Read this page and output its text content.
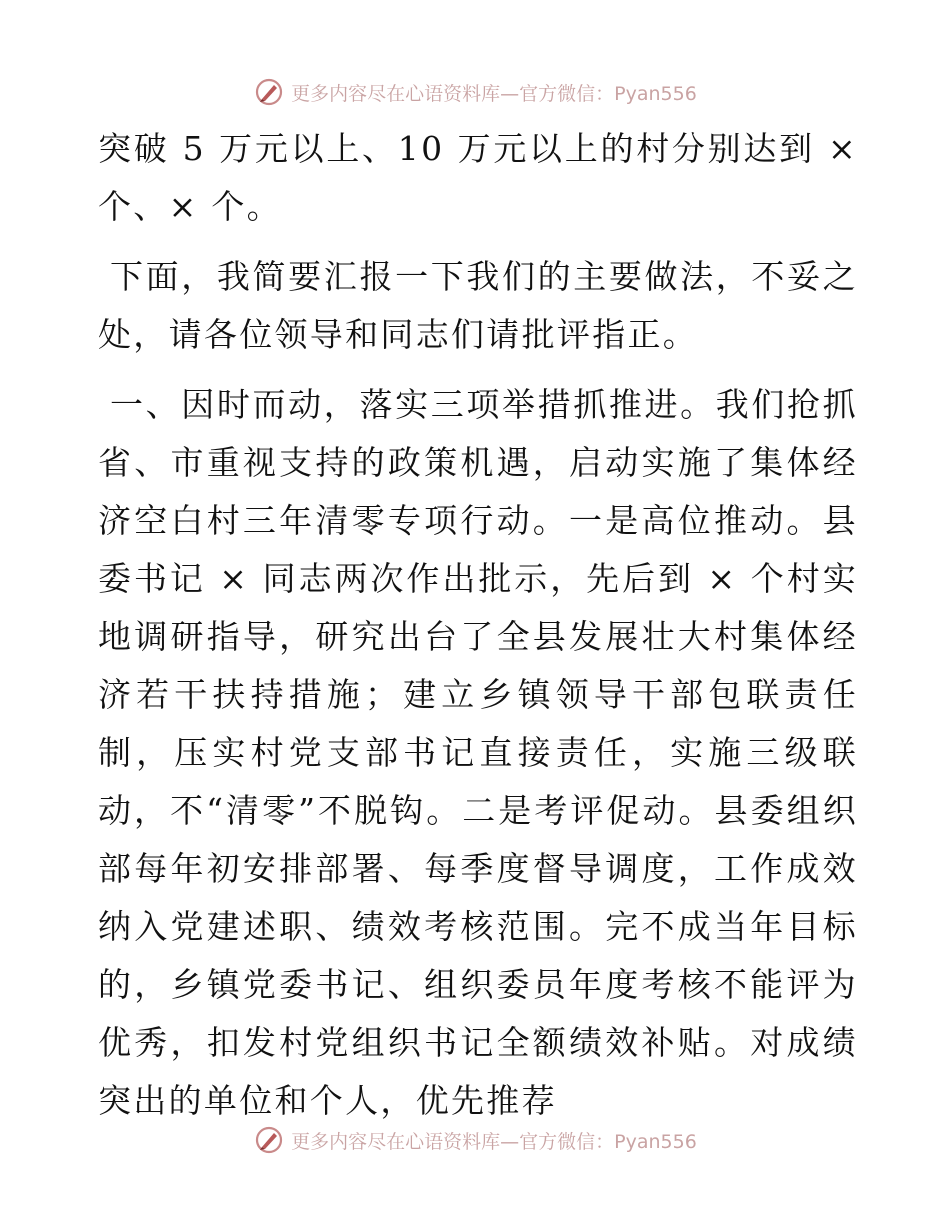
更多内容尽在心语资料库—官方微信：Pyan556

突破 5 万元以上、10 万元以上的村分别达到 × 个、× 个。

下面，我简要汇报一下我们的主要做法，不妥之处，请各位领导和同志们请批评指正。

一、因时而动，落实三项举措抓推进。我们抢抓省、市重视支持的政策机遇，启动实施了集体经济空白村三年清零专项行动。一是高位推动。县委书记 × 同志两次作出批示，先后到 × 个村实地调研指导，研究出台了全县发展壮大村集体经济若干扶持措施；建立乡镇领导干部包联责任制，压实村党支部书记直接责任，实施三级联动，不“清零”不脱钩。二是考评促动。县委组织部每年初安排部署、每季度督导调度，工作成效纳入党建述职、绩效考核范围。完不成当年目标的，乡镇党委书记、组织委员年度考核不能评为优秀，扣发村党组织书记全额绩效补贴。对成绩突出的单位和个人，优先推荐

更多内容尽在心语资料库—官方微信：Pyan556
